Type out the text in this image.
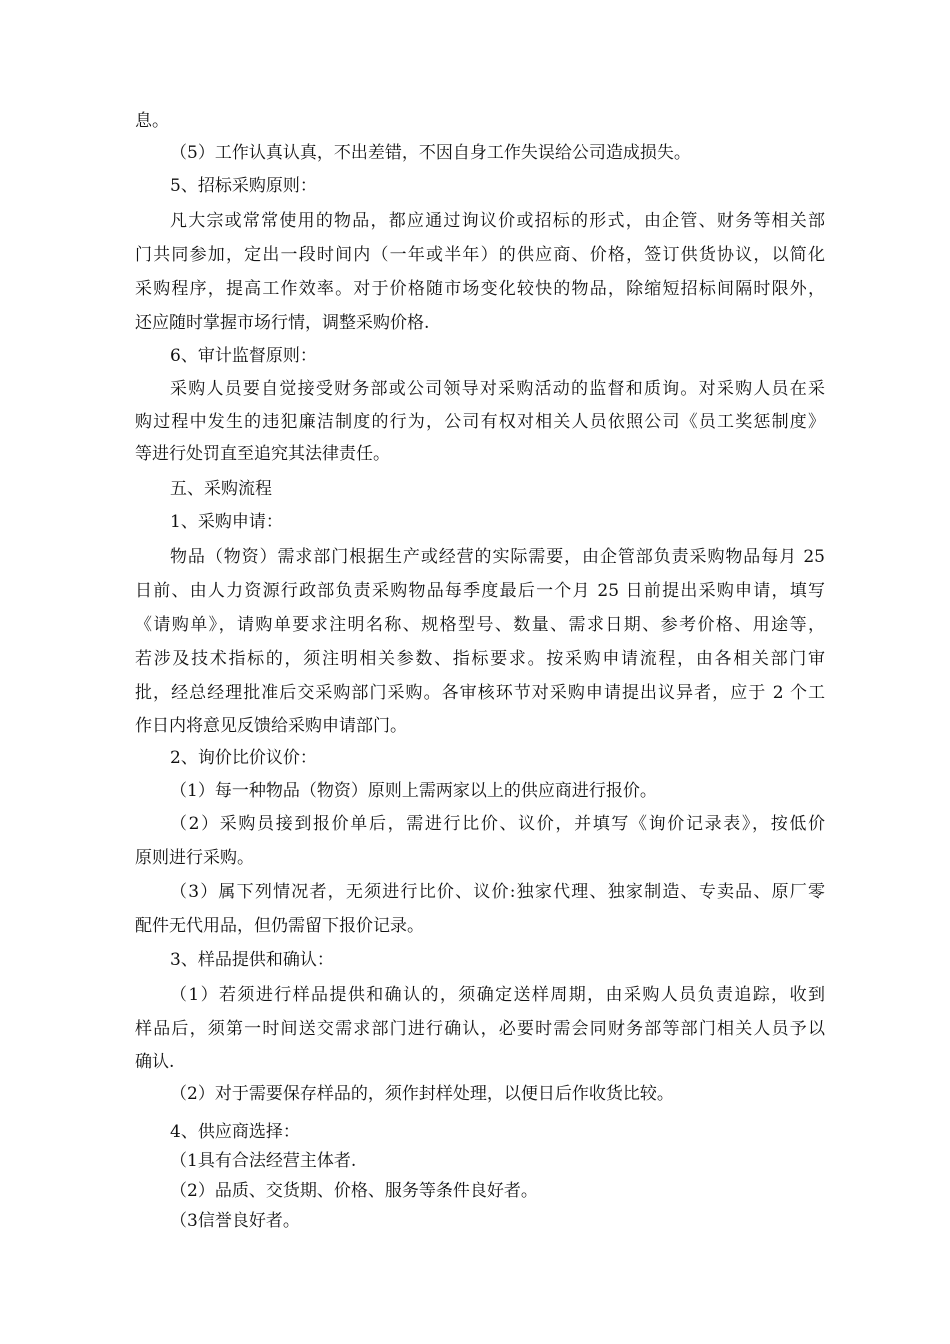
息。

（5）工作认真认真，不出差错，不因自身工作失误给公司造成损失。

5、招标采购原则：

凡大宗或常常使用的物品，都应通过询议价或招标的形式，由企管、财务等相关部

门共同参加，定出一段时间内（一年或半年）的供应商、价格，签订供货协议，以简化

采购程序，提高工作效率。对于价格随市场变化较快的物品，除缩短招标间隔时限外，

还应随时掌握市场行情，调整采购价格.

6、审计监督原则：

采购人员要自觉接受财务部或公司领导对采购活动的监督和质询。对采购人员在采

购过程中发生的违犯廉洁制度的行为，公司有权对相关人员依照公司《员工奖惩制度》

等进行处罚直至追究其法律责任。

五、采购流程

1、采购申请：

物品（物资）需求部门根据生产或经营的实际需要，由企管部负责采购物品每月 25

日前、由人力资源行政部负责采购物品每季度最后一个月 25 日前提出采购申请，填写

《请购单》，请购单要求注明名称、规格型号、数量、需求日期、参考价格、用途等，

若涉及技术指标的，须注明相关参数、指标要求。按采购申请流程，由各相关部门审

批，经总经理批准后交采购部门采购。各审核环节对采购申请提出议异者，应于 2 个工

作日内将意见反馈给采购申请部门。

2、询价比价议价：

（1）每一种物品（物资）原则上需两家以上的供应商进行报价。

（2）采购员接到报价单后，需进行比价、议价，并填写《询价记录表》，按低价

原则进行采购。

（3）属下列情况者，无须进行比价、议价:独家代理、独家制造、专卖品、原厂零

配件无代用品，但仍需留下报价记录。

3、样品提供和确认：

（1）若须进行样品提供和确认的，须确定送样周期，由采购人员负责追踪，收到

样品后，须第一时间送交需求部门进行确认，必要时需会同财务部等部门相关人员予以

确认.

（2）对于需要保存样品的，须作封样处理，以便日后作收货比较。

4、供应商选择：

（1具有合法经营主体者.

（2）品质、交货期、价格、服务等条件良好者。

（3信誉良好者。
